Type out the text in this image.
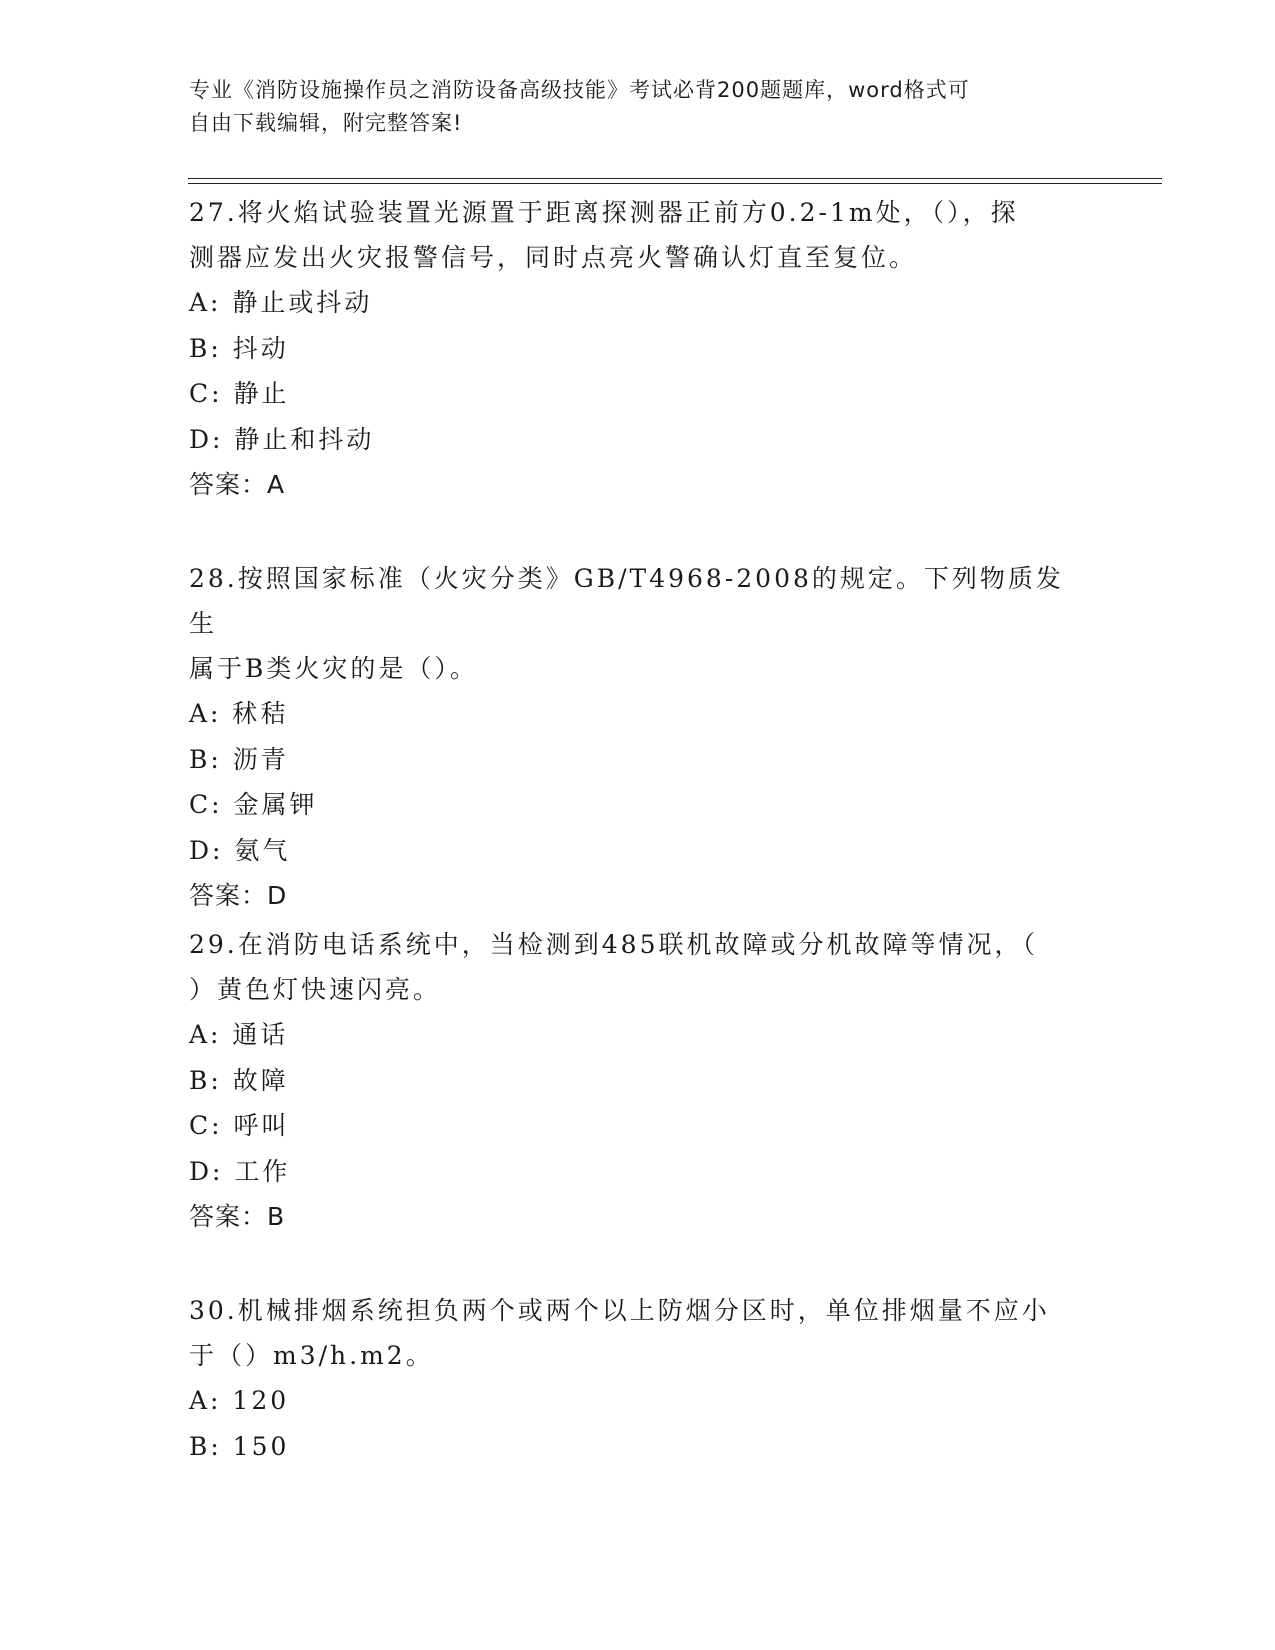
专业《消防设施操作员之消防设备高级技能》考试必背200题题库，word格式可
自由下载编辑，附完整答案!

27.将火焰试验装置光源置于距离探测器正前方0.2-1m处，（），探

测器应发出火灾报警信号，同时点亮火警确认灯直至复位。

A: 静止或抖动

B: 抖动

C: 静止

D: 静止和抖动

答案：A

28.按照国家标准（火灾分类》GB/T4968-2008的规定。下列物质发生

属于B类火灾的是（）。

A: 秫秸

B: 沥青

C: 金属钾

D: 氨气

答案：D

29.在消防电话系统中，当检测到485联机故障或分机故障等情况，（

）黄色灯快速闪亮。

A: 通话

B: 故障

C: 呼叫

D: 工作

答案：B

30.机械排烟系统担负两个或两个以上防烟分区时，单位排烟量不应小

于（）m3/h.m2。

A: 120

B: 150
